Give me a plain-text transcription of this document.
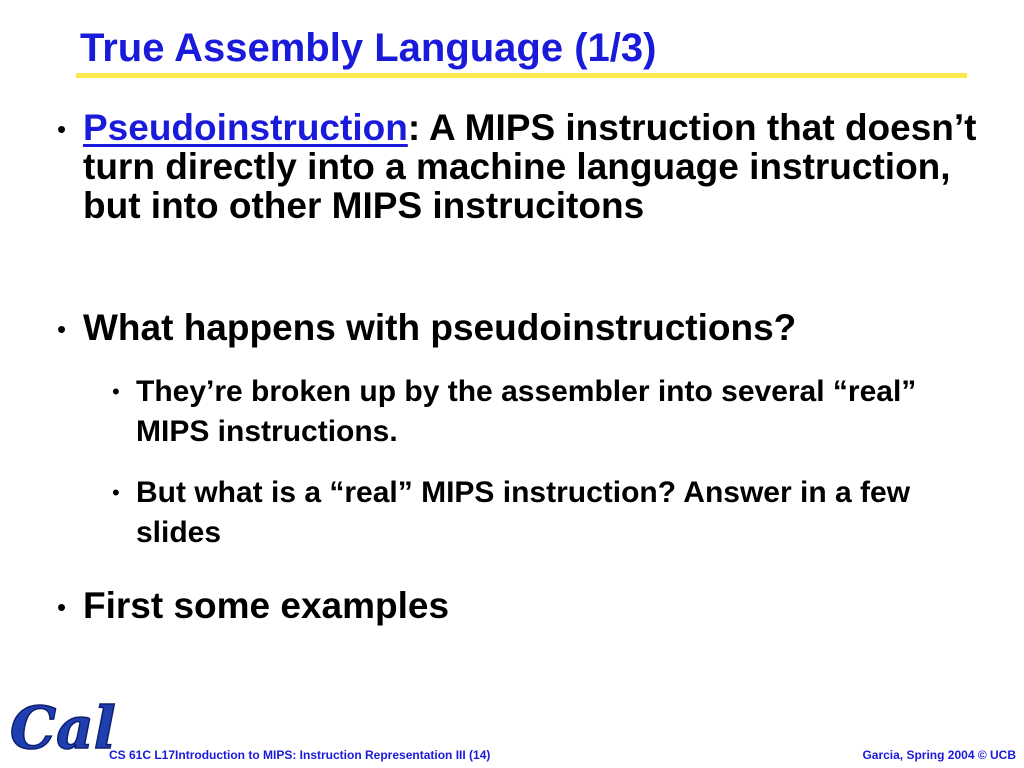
True Assembly Language (1/3)
• Pseudoinstruction: A MIPS instruction that doesn’t turn directly into a machine language instruction, but into other MIPS instrucitons
• What happens with pseudoinstructions?
• They’re broken up by the assembler into several “real” MIPS instructions.
• But what is a “real” MIPS instruction? Answer in a few slides
• First some examples
Cal
CS 61C L17Introduction to MIPS: Instruction Representation III (14)	Garcia, Spring 2004 © UCB
